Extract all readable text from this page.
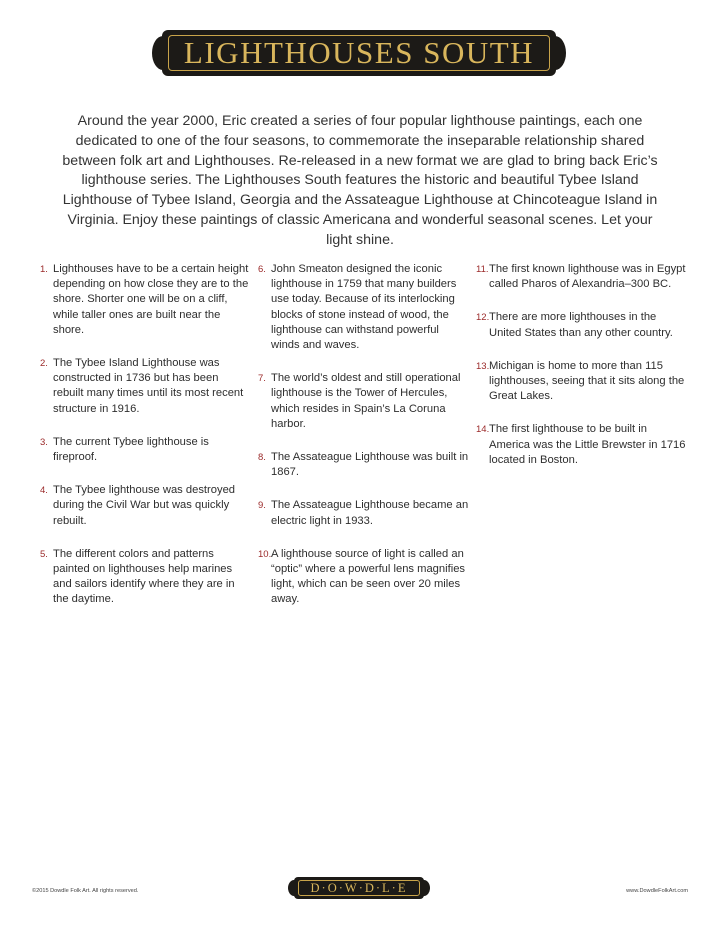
LIGHTHOUSES SOUTH

Around the year 2000, Eric created a series of four popular lighthouse paintings, each one dedicated to one of the four seasons, to commemorate the inseparable relationship shared between folk art and Lighthouses. Re-released in a new format we are glad to bring back Eric’s lighthouse series. The Lighthouses South features the historic and beautiful Tybee Island Lighthouse of Tybee Island, Georgia and the Assateague Lighthouse at Chincoteague Island in Virginia. Enjoy these paintings of classic Americana and wonderful seasonal scenes. Let your light shine.

1. Lighthouses have to be a certain height depending on how close they are to the shore. Shorter one will be on a cliff, while taller ones are built near the shore.
2. The Tybee Island Lighthouse was constructed in 1736 but has been rebuilt many times until its most recent structure in 1916.
3. The current Tybee lighthouse is fireproof.
4. The Tybee lighthouse was destroyed during the Civil War but was quickly rebuilt.
5. The different colors and patterns painted on lighthouses help marines and sailors identify where they are in the daytime.
6. John Smeaton designed the iconic lighthouse in 1759 that many builders use today. Because of its interlocking blocks of stone instead of wood, the lighthouse can withstand powerful winds and waves.
7. The world’s oldest and still operational lighthouse is the Tower of Hercules, which resides in Spain’s La Coruna harbor.
8. The Assateague Lighthouse was built in 1867.
9. The Assateague Lighthouse became an electric light in 1933.
10. A lighthouse source of light is called an “optic” where a powerful lens magnifies light, which can be seen over 20 miles away.
11. The first known lighthouse was in Egypt called Pharos of Alexandria–300 BC.
12. There are more lighthouses in the United States than any other country.
13. Michigan is home to more than 115 lighthouses, seeing that it sits along the Great Lakes.
14. The first lighthouse to be built in America was the Little Brewster in 1716 located in Boston.
©2015 Dowdle Folk Art. All rights reserved.	D·O·W·D·L·E	www.DowdleFolkArt.com
